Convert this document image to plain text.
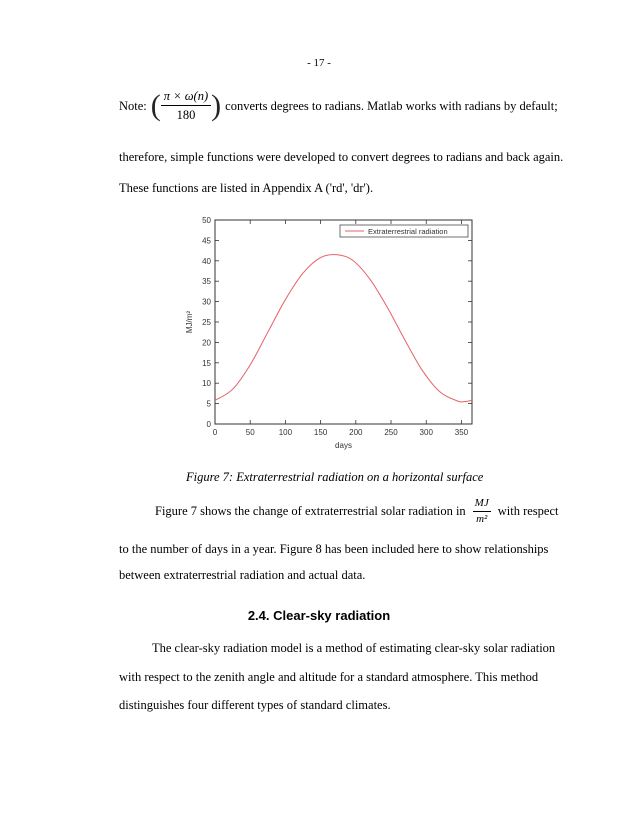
- 17 -
Note: ( $\frac{\pi \times \omega(n)}{180}$ ) converts degrees to radians. Matlab works with radians by default;
therefore, simple functions were developed to convert degrees to radians and back again.
These functions are listed in Appendix A ('rd', 'dr').
0
5
10
15
20
25
30
35
40
45
50
0	50	100	150	200	250	300	350
days
MJ/m²
Extraterrestrial radiation
Figure 7: Extraterrestrial radiation on a horizontal surface
Figure 7 shows the change of extraterrestrial solar radiation in $\frac{MJ}{\text{m²}}$ with respect
to the number of days in a year. Figure 8 has been included here to show relationships
between extraterrestrial radiation and actual data.
2.4. Clear-sky radiation
The clear-sky radiation model is a method of estimating clear-sky solar radiation
with respect to the zenith angle and altitude for a standard atmosphere. This method
distinguishes four different types of standard climates.
